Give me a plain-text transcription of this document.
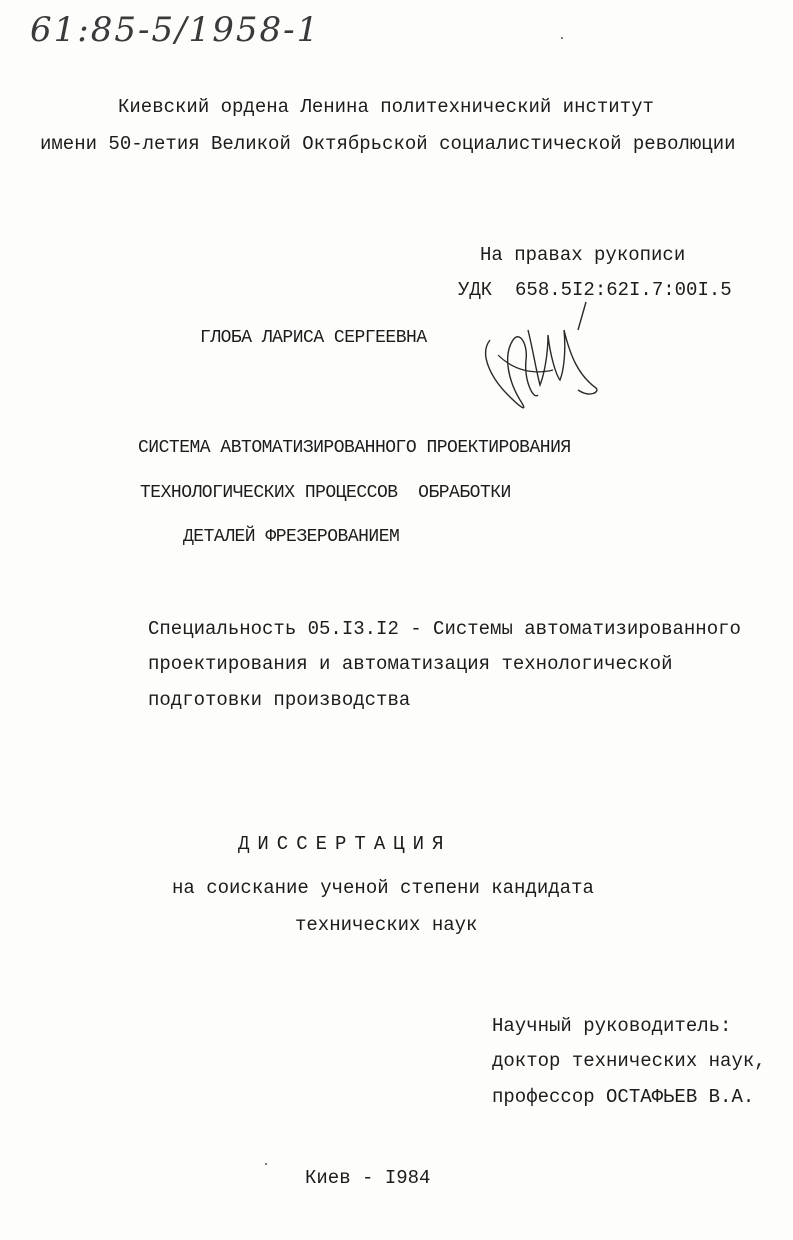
61:85-5/1958-1
Киевский ордена Ленина политехнический институт
имени 50-летия Великой Октябрьской социалистической революции
На правах рукописи
УДК  658.5I2:62I.7:00I.5
ГЛОБА ЛАРИСА СЕРГЕЕВНА
СИСТЕМА АВТОМАТИЗИРОВАННОГО ПРОЕКТИРОВАНИЯ
ТЕХНОЛОГИЧЕСКИХ ПРОЦЕССОВ  ОБРАБОТКИ
ДЕТАЛЕЙ ФРЕЗЕРОВАНИЕМ
Специальность 05.I3.I2 - Системы автоматизированного
проектирования и автоматизация технологической
подготовки производства
ДИССЕРТАЦИЯ
на соискание ученой степени кандидата
технических наук
Научный руководитель:
доктор технических наук,
профессор ОСТАФЬЕВ В.А.
Киев - I984
